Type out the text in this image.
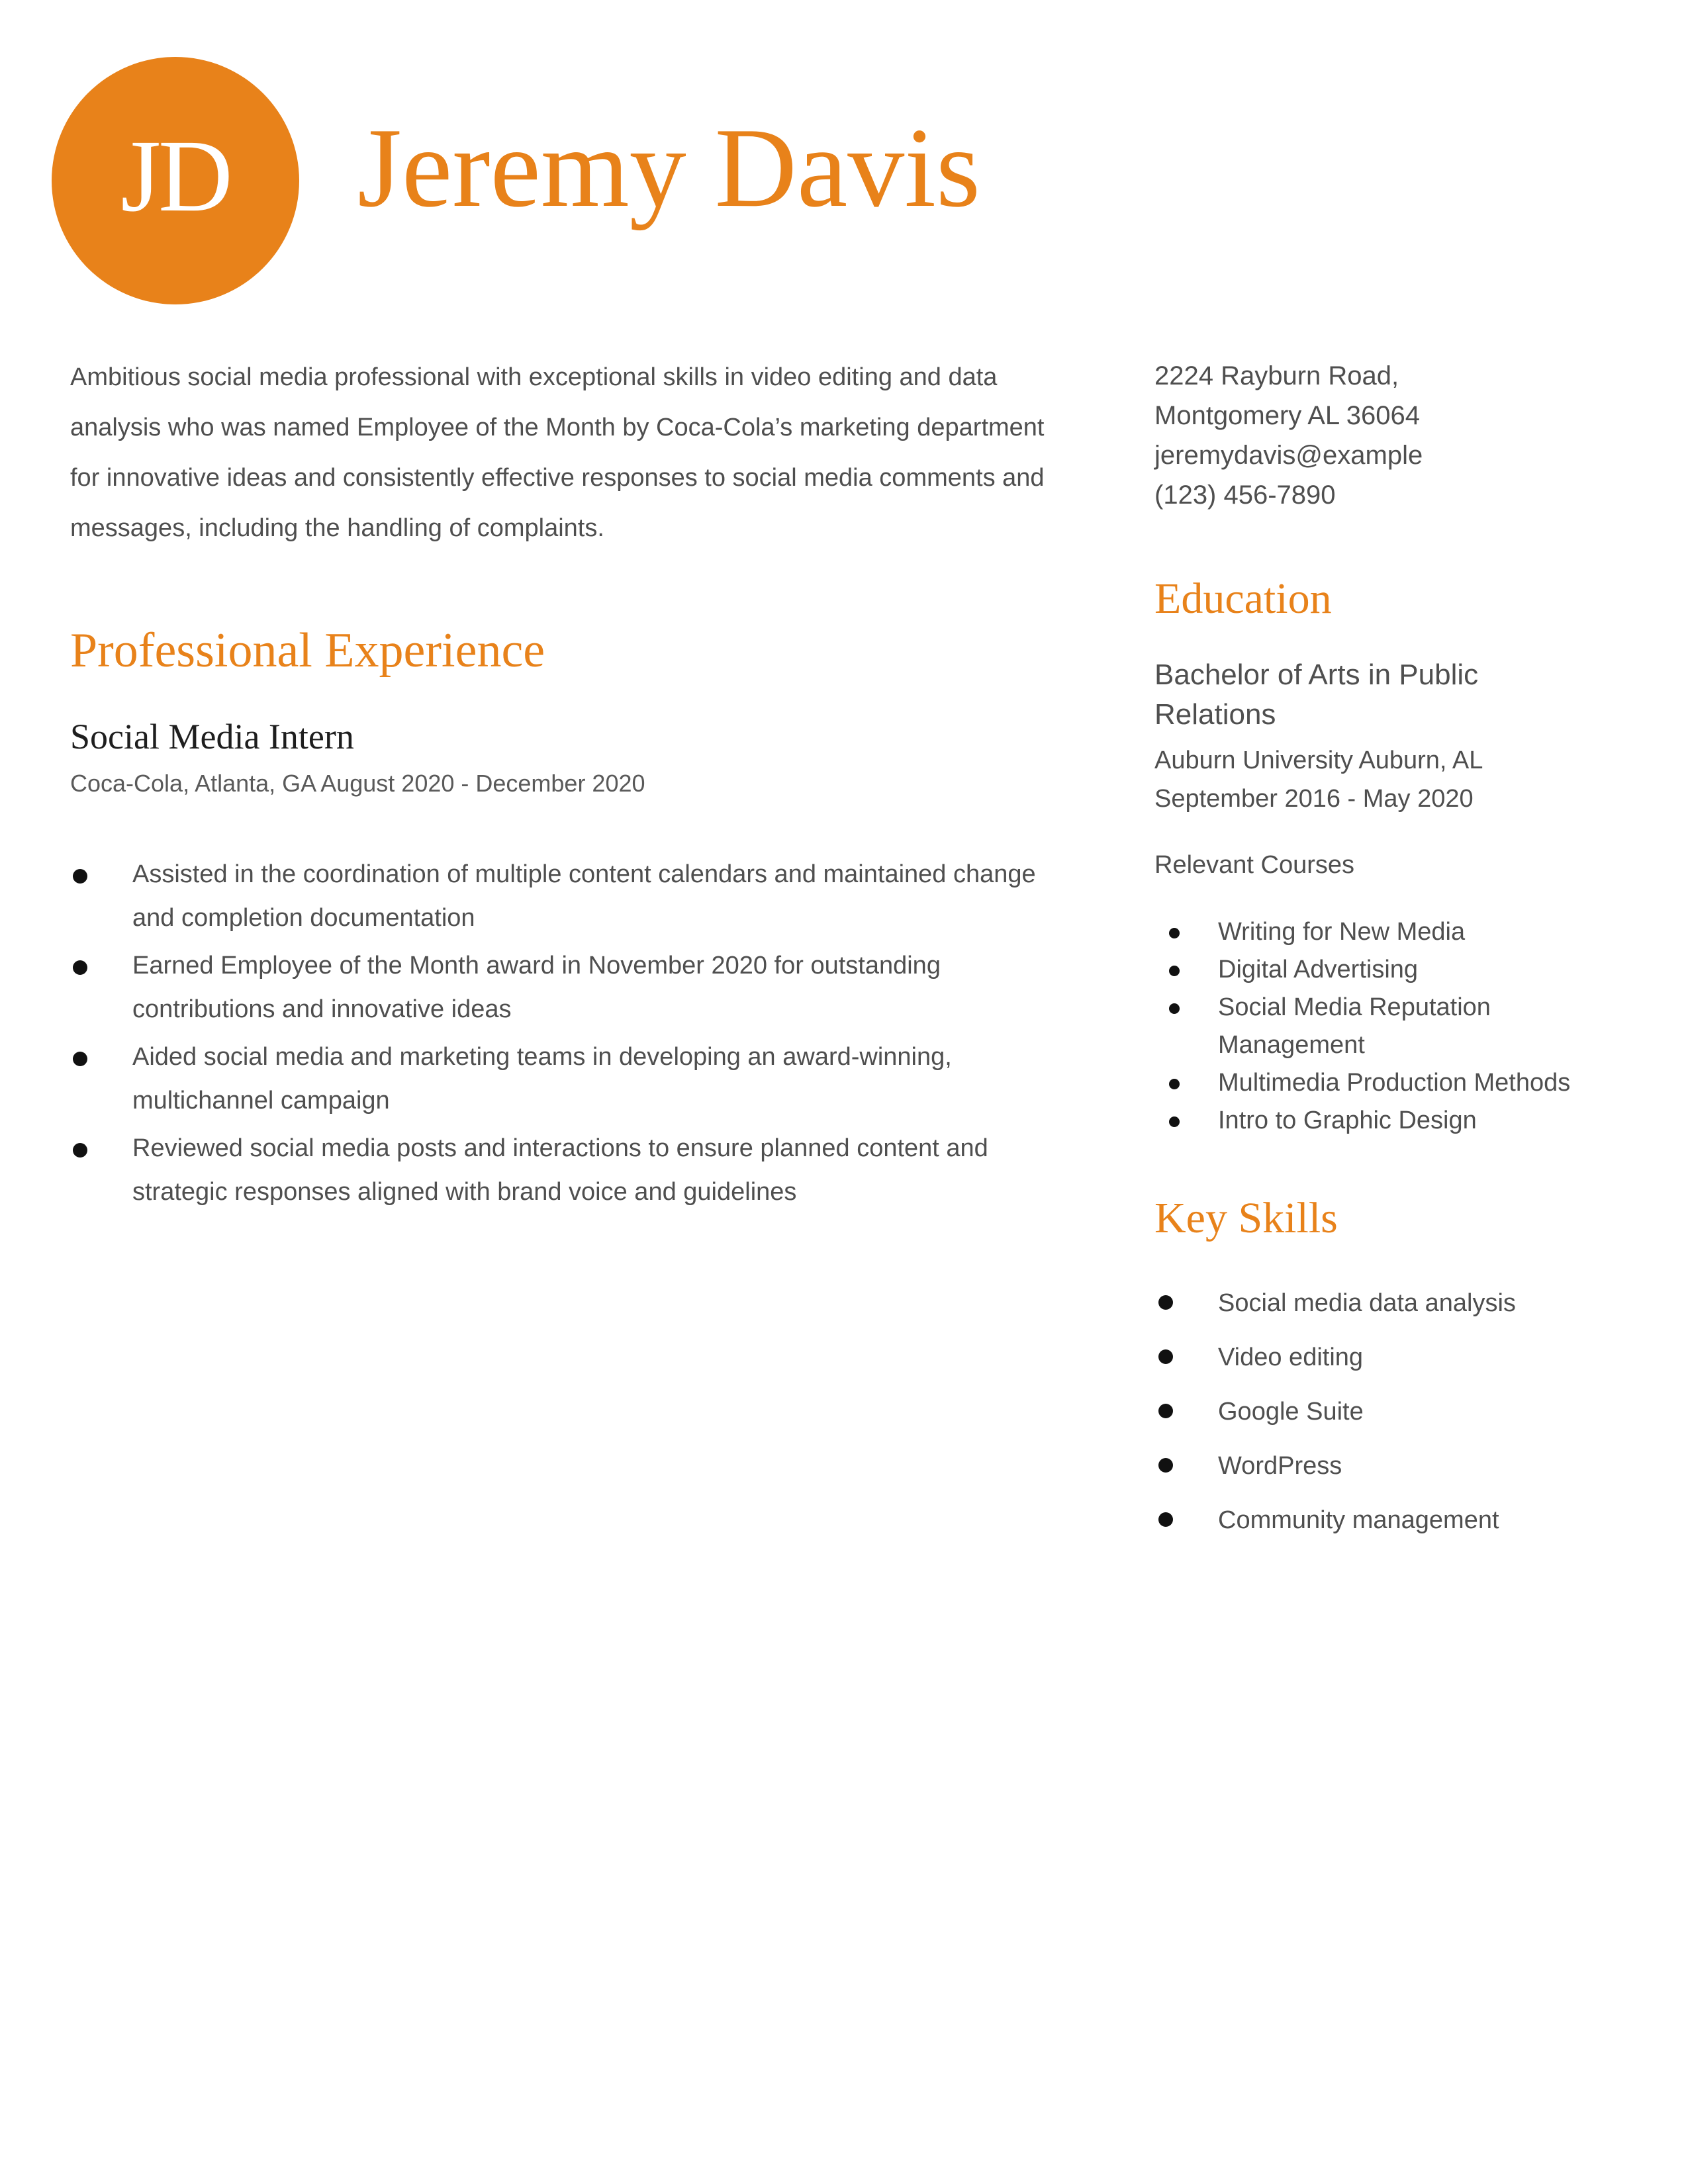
JD Jeremy Davis

Ambitious social media professional with exceptional skills in video editing and data analysis who was named Employee of the Month by Coca-Cola’s marketing department for innovative ideas and consistently effective responses to social media comments and messages, including the handling of complaints.

Professional Experience
Social Media Intern
Coca-Cola, Atlanta, GA August 2020 - December 2020
Assisted in the coordination of multiple content calendars and maintained change and completion documentation
Earned Employee of the Month award in November 2020 for outstanding contributions and innovative ideas
Aided social media and marketing teams in developing an award-winning, multichannel campaign
Reviewed social media posts and interactions to ensure planned content and strategic responses aligned with brand voice and guidelines
2224 Rayburn Road,
Montgomery AL 36064
jeremydavis@example
(123) 456-7890
Education
Bachelor of Arts in Public Relations
Auburn University Auburn, AL
September 2016 - May 2020
Relevant Courses
Writing for New Media
Digital Advertising
Social Media Reputation Management
Multimedia Production Methods
Intro to Graphic Design
Key Skills
Social media data analysis
Video editing
Google Suite
WordPress
Community management
